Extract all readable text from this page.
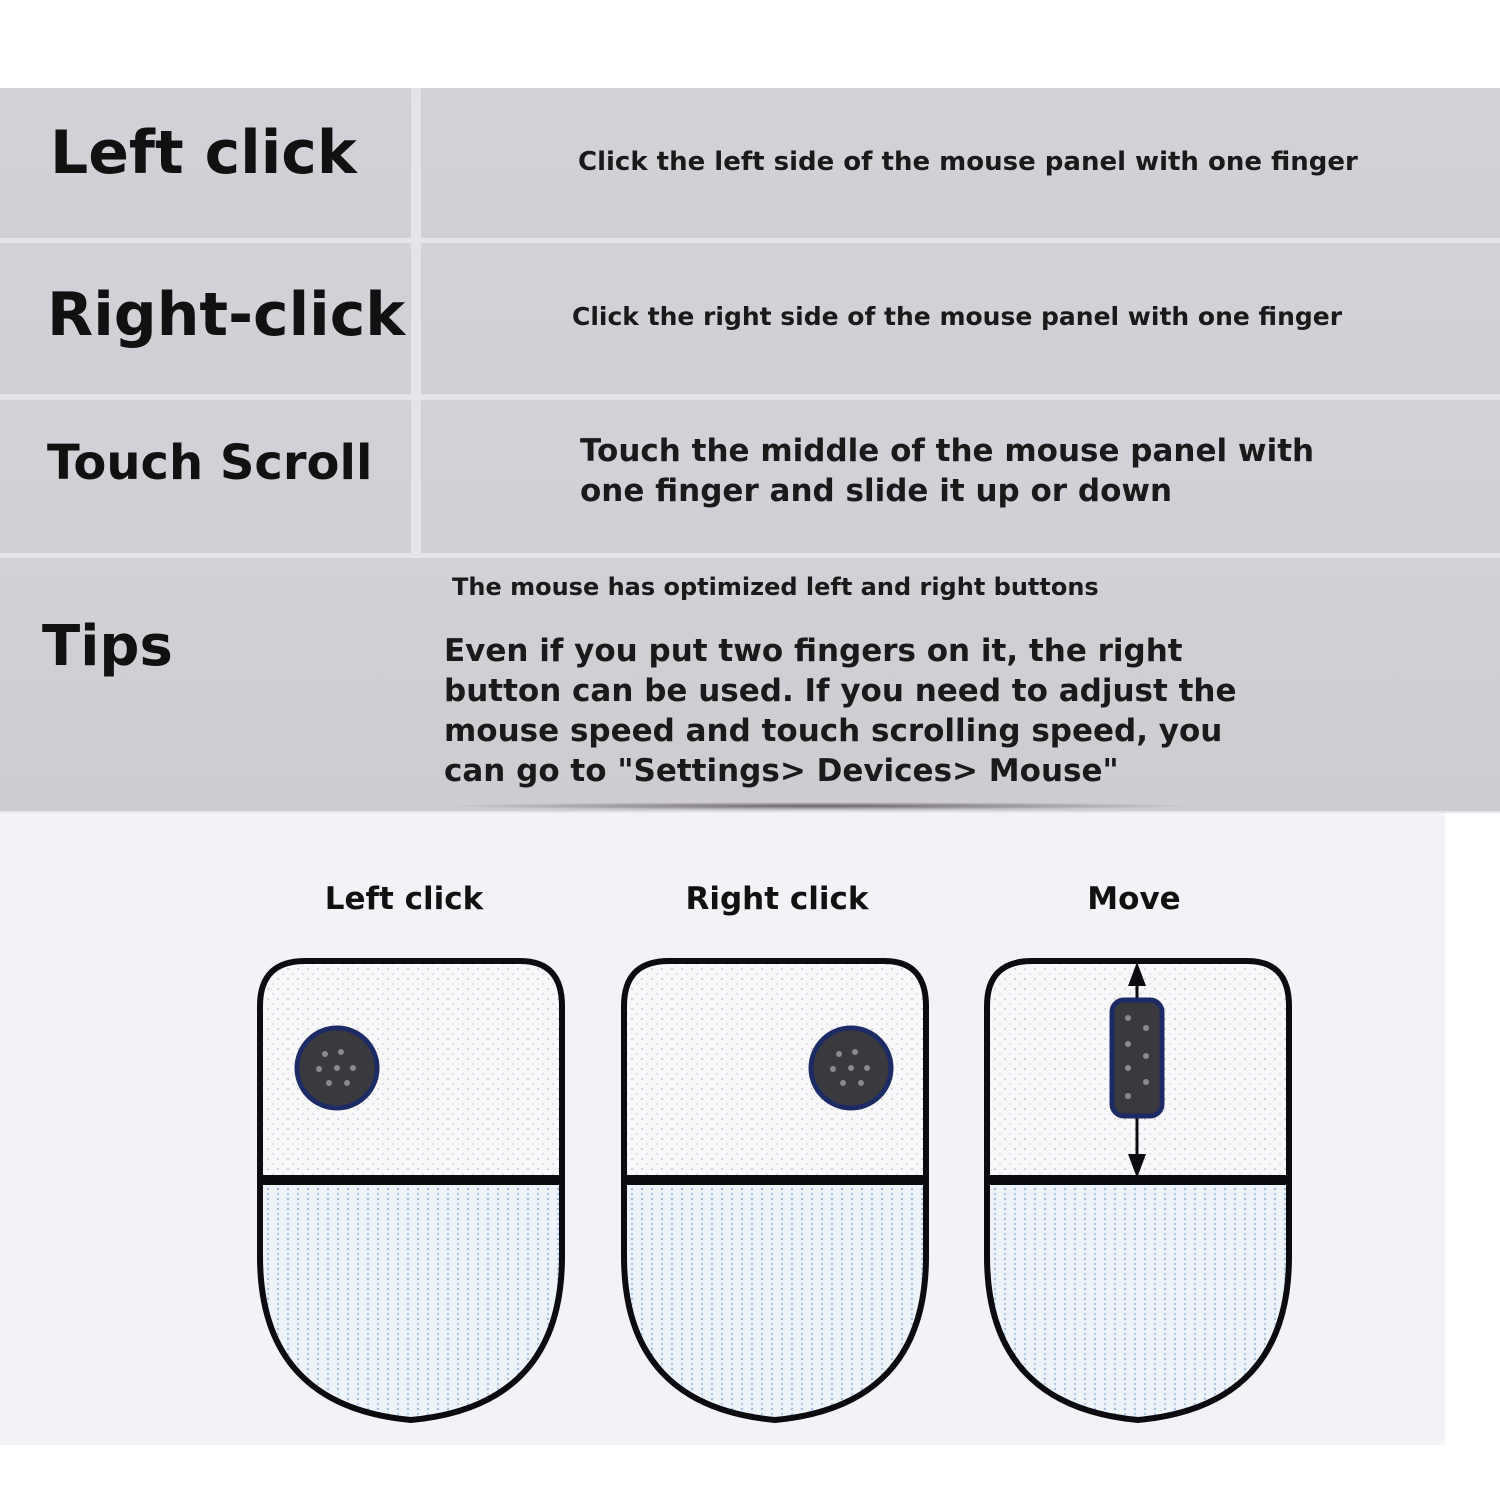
Left click	Click the left side of the mouse panel with one finger
Right-click	Click the right side of the mouse panel with one finger
Touch Scroll	Touch the middle of the mouse panel with
one finger and slide it up or down
Tips
The mouse has optimized left and right buttons
Even if you put two fingers on it, the right
button can be used. If you need to adjust the
mouse speed and touch scrolling speed, you
can go to "Settings> Devices> Mouse"
Left click	Right click	Move
